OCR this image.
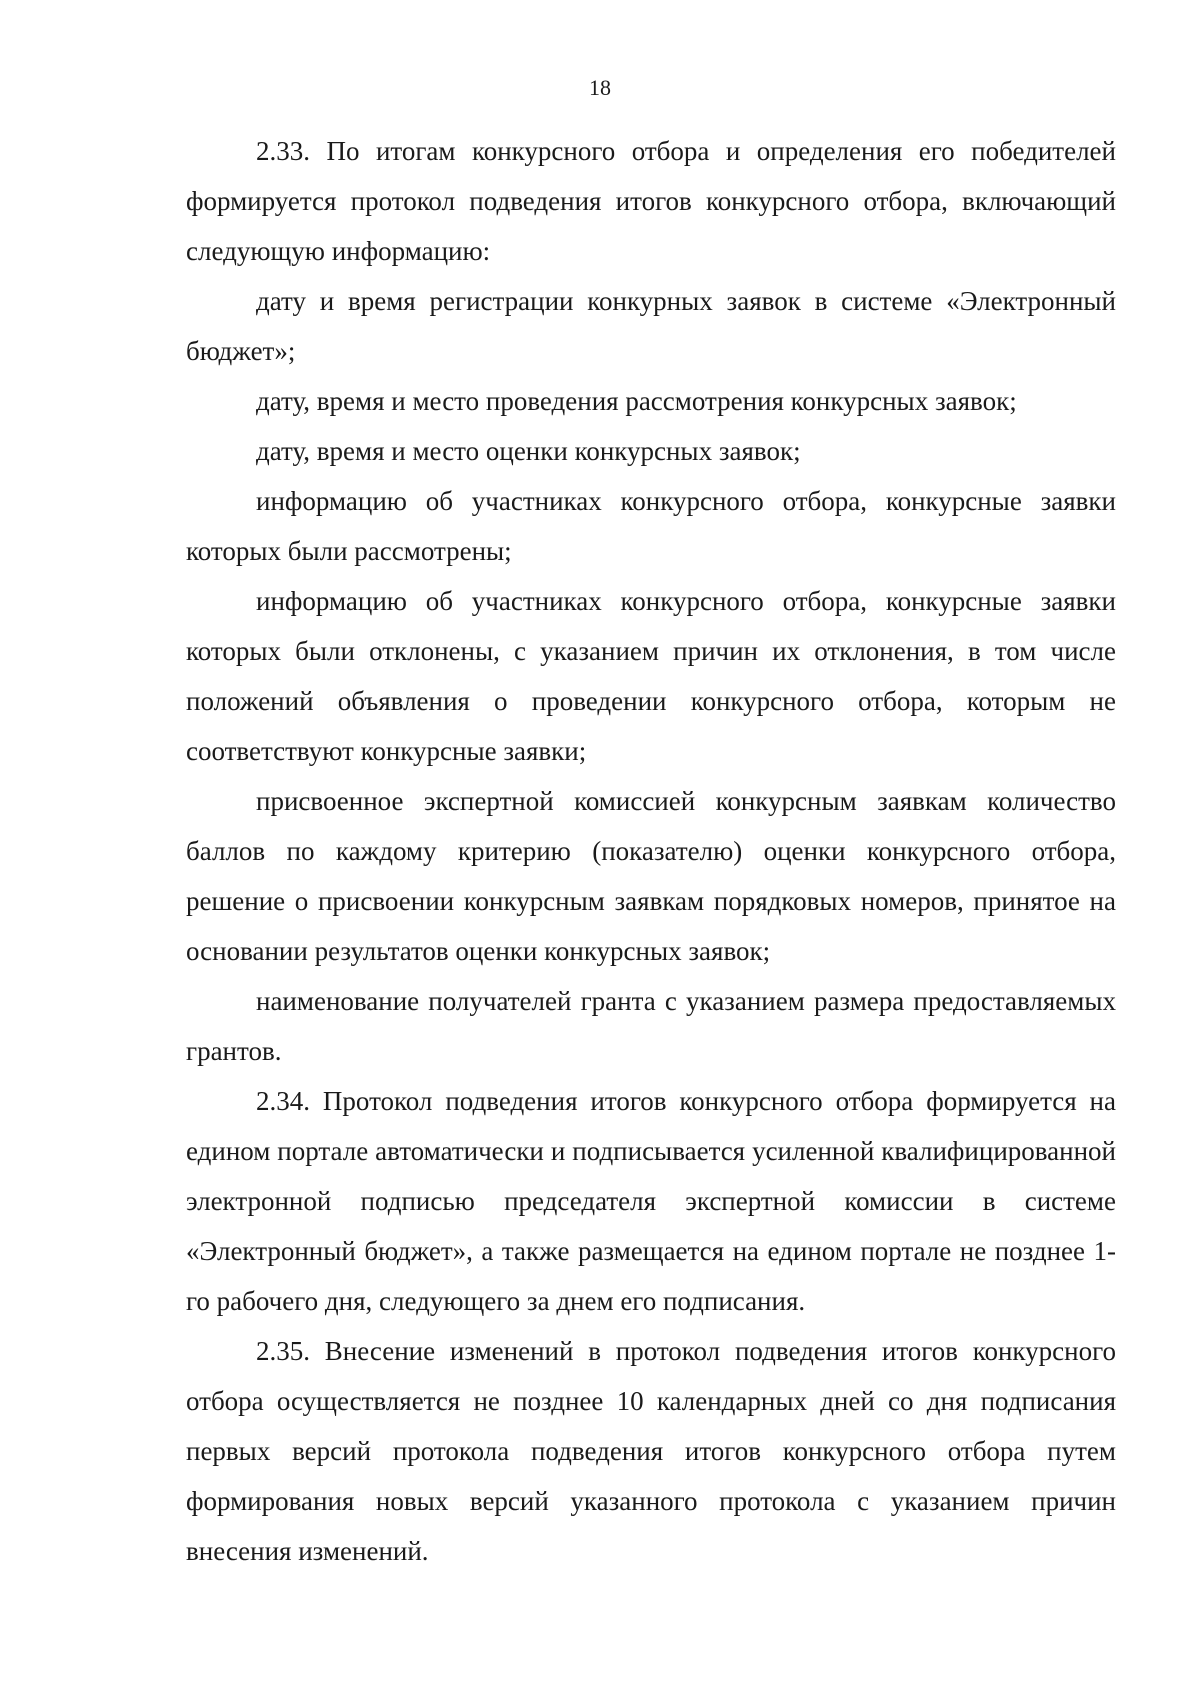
18

2.33. По итогам конкурсного отбора и определения его победителей формируется протокол подведения итогов конкурсного отбора, включающий следующую информацию:

дату и время регистрации конкурных заявок в системе «Электронный бюджет»;

дату, время и место проведения рассмотрения конкурсных заявок;

дату, время и место оценки конкурсных заявок;

информацию об участниках конкурсного отбора, конкурсные заявки которых были рассмотрены;

информацию об участниках конкурсного отбора, конкурсные заявки которых были отклонены, с указанием причин их отклонения, в том числе положений объявления о проведении конкурсного отбора, которым не соответствуют конкурсные заявки;

присвоенное экспертной комиссией конкурсным заявкам количество баллов по каждому критерию (показателю) оценки конкурсного отбора, решение о присвоении конкурсным заявкам порядковых номеров, принятое на основании результатов оценки конкурсных заявок;

наименование получателей гранта с указанием размера предоставляемых грантов.

2.34. Протокол подведения итогов конкурсного отбора формируется на едином портале автоматически и подписывается усиленной квалифицированной электронной подписью председателя экспертной комиссии в системе «Электронный бюджет», а также размещается на едином портале не позднее 1-го рабочего дня, следующего за днем его подписания.

2.35. Внесение изменений в протокол подведения итогов конкурсного отбора осуществляется не позднее 10 календарных дней со дня подписания первых версий протокола подведения итогов конкурсного отбора путем формирования новых версий указанного протокола с указанием причин внесения изменений.
